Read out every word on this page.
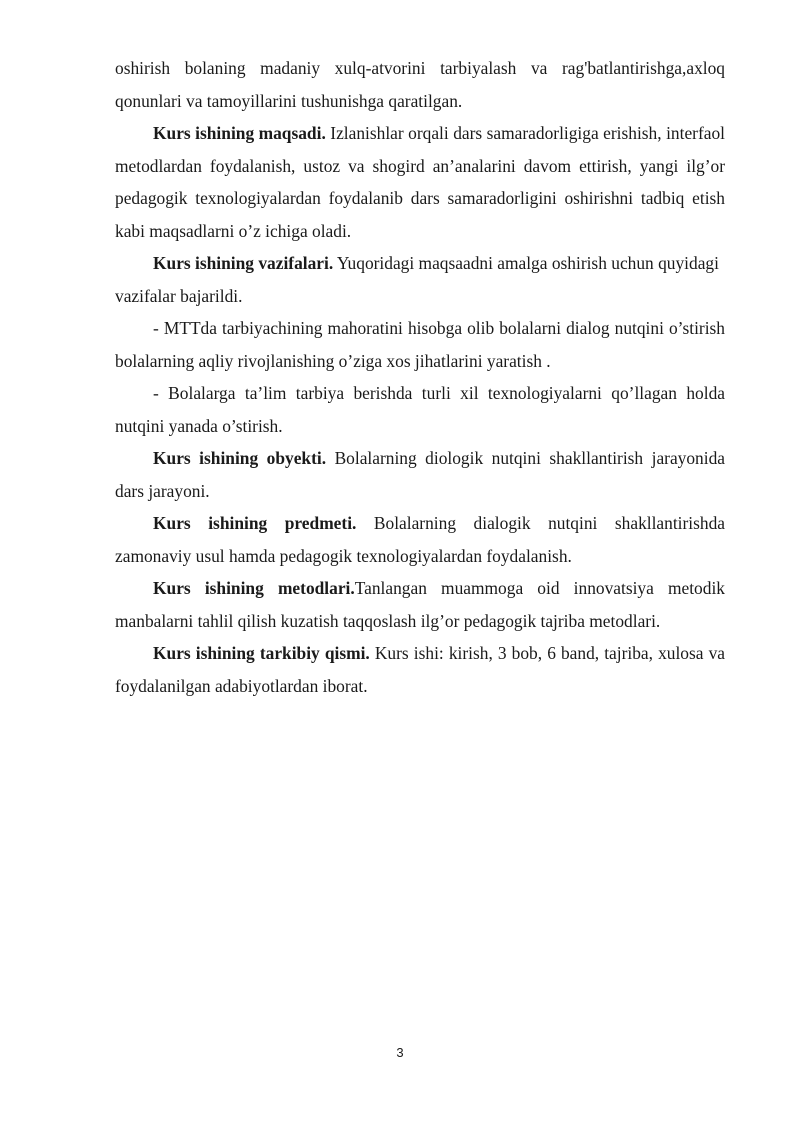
oshirish bolaning madaniy xulq-atvorini tarbiyalash va rag'batlantirishga,axloq qonunlari va tamoyillarini tushunishga qaratilgan.

Kurs ishining maqsadi. Izlanishlar orqali dars samaradorligiga erishish, interfaol metodlardan foydalanish, ustoz va shogird an’analarini davom ettirish, yangi ilg’or pedagogik texnologiyalardan foydalanib dars samaradorligini oshirishni tadbiq etish kabi maqsadlarni o’z ichiga oladi.

Kurs ishining vazifalari. Yuqoridagi maqsaadni amalga oshirish uchun quyidagi vazifalar bajarildi.

- MTTda tarbiyachining mahoratini hisobga olib bolalarni dialog nutqini o’stirish bolalarning aqliy rivojlanishing o’ziga xos jihatlarini yaratish .

- Bolalarga ta’lim tarbiya berishda turli xil texnologiyalarni qo’llagan holda nutqini yanada o’stirish.

Kurs ishining obyekti. Bolalarning diologik nutqini shakllantirish jarayonida dars jarayoni.

Kurs ishining predmeti. Bolalarning dialogik nutqini shakllantirishda zamonaviy usul hamda pedagogik texnologiyalardan foydalanish.

Kurs ishining metodlari.Tanlangan muammoga oid innovatsiya metodik manbalarni tahlil qilish kuzatish taqqoslash ilg’or pedagogik tajriba metodlari.

Kurs ishining tarkibiy qismi. Kurs ishi: kirish, 3 bob, 6 band, tajriba, xulosa va foydalanilgan adabiyotlardan iborat.

3
